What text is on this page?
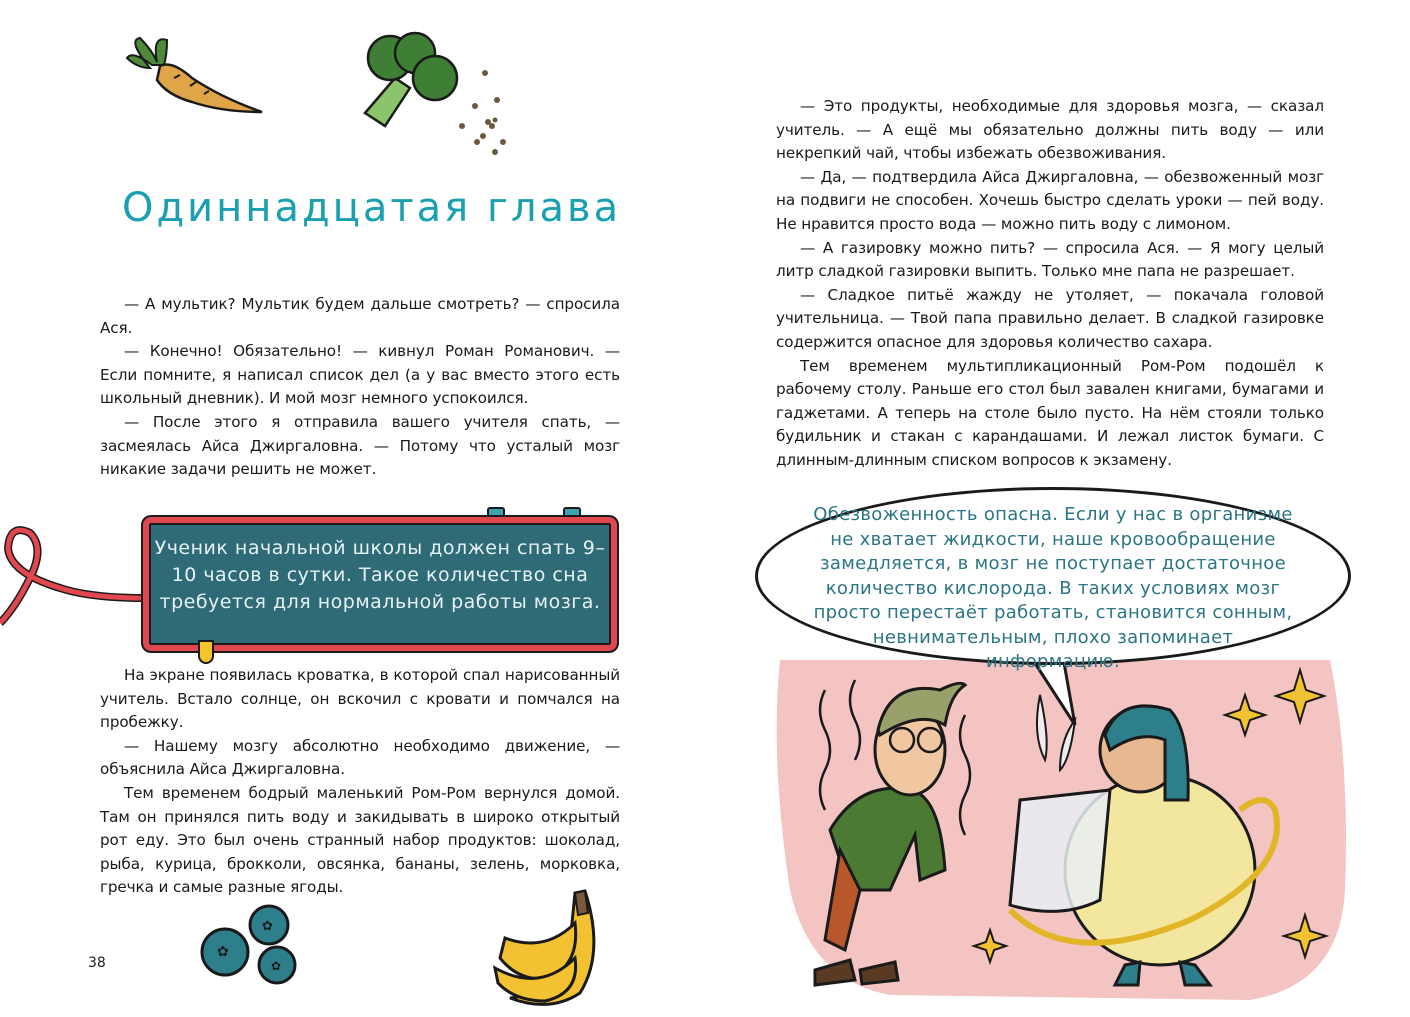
Одиннадцатая глава

— А мультик? Мультик будем дальше смотреть? — спросила Ася.

— Конечно! Обязательно! — кивнул Роман Романович. — Если помните, я написал список дел (а у вас вместо этого есть школьный дневник). И мой мозг немного успокоился.

— После этого я отправила вашего учителя спать, — засмеялась Айса Джиргаловна. — Потому что усталый мозг никакие задачи решить не может.

Ученик начальной школы должен спать 9–10 часов в сутки. Такое количество сна требуется для нормальной работы мозга.

На экране появилась кроватка, в которой спал нарисованный учитель. Встало солнце, он вскочил с кровати и помчался на пробежку.

— Нашему мозгу абсолютно необходимо движение, — объяснила Айса Джиргаловна.

Тем временем бодрый маленький Ром-Ром вернулся домой. Там он принялся пить воду и закидывать в широко открытый рот еду. Это был очень странный набор продуктов: шоколад, рыба, курица, брокколи, овсянка, бананы, зелень, морковка, гречка и самые разные ягоды.

✿
✿
✿
38

— Это продукты, необходимые для здоровья мозга, — сказал учитель. — А ещё мы обязательно должны пить воду — или некрепкий чай, чтобы избежать обезвоживания.

— Да, — подтвердила Айса Джиргаловна, — обезвоженный мозг на подвиги не способен. Хочешь быстро сделать уроки — пей воду. Не нравится просто вода — можно пить воду с лимоном.

— А газировку можно пить? — спросила Ася. — Я могу целый литр сладкой газировки выпить. Только мне папа не разрешает.

— Сладкое питьё жажду не утоляет, — покачала головой учительница. — Твой папа правильно делает. В сладкой газировке содержится опасное для здоровья количество сахара.

Тем временем мультипликационный Ром-Ром подошёл к рабочему столу. Раньше его стол был завален книгами, бумагами и гаджетами. А теперь на столе было пусто. На нём стояли только будильник и стакан с карандашами. И лежал листок бумаги. С длинным-длинным списком вопросов к экзамену.

Обезвоженность опасна. Если у нас в организме не хватает жидкости, наше кровообращение замедляется, в мозг не поступает достаточное количество кислорода. В таких условиях мозг просто перестаёт работать, становится сонным, невнимательным, плохо запоминает информацию.
